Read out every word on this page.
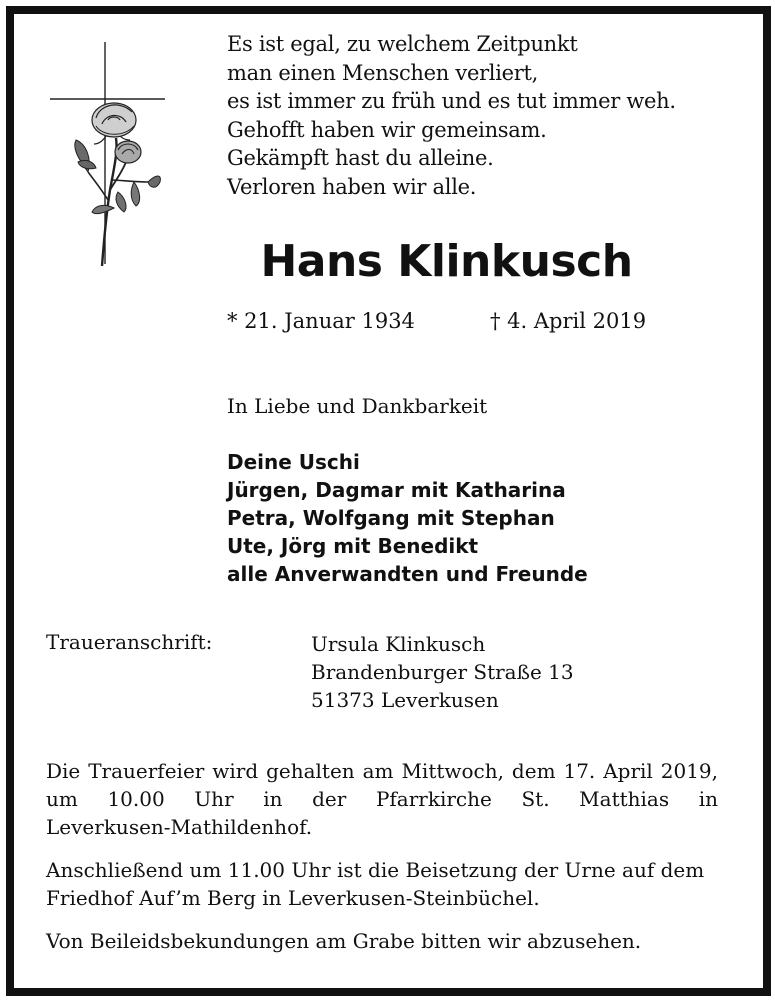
Es ist egal, zu welchem Zeitpunkt
man einen Menschen verliert,
es ist immer zu früh und es tut immer weh.
Gehofft haben wir gemeinsam.
Gekämpft hast du alleine.
Verloren haben wir alle.
Hans Klinkusch
* 21. Januar 1934	† 4. April 2019
In Liebe und Dankbarkeit
Deine Uschi
Jürgen, Dagmar mit Katharina
Petra, Wolfgang mit Stephan
Ute, Jörg mit Benedikt
alle Anverwandten und Freunde
Traueranschrift:	Ursula Klinkusch
Brandenburger Straße 13
51373 Leverkusen
Die Trauerfeier wird gehalten am Mittwoch, dem 17. April 2019,
um 10.00 Uhr in der Pfarrkirche St. Matthias in
Leverkusen-Mathildenhof.
Anschließend um 11.00 Uhr ist die Beisetzung der Urne auf dem Friedhof Auf’m Berg in Leverkusen-Steinbüchel.
Von Beileidsbekundungen am Grabe bitten wir abzusehen.
